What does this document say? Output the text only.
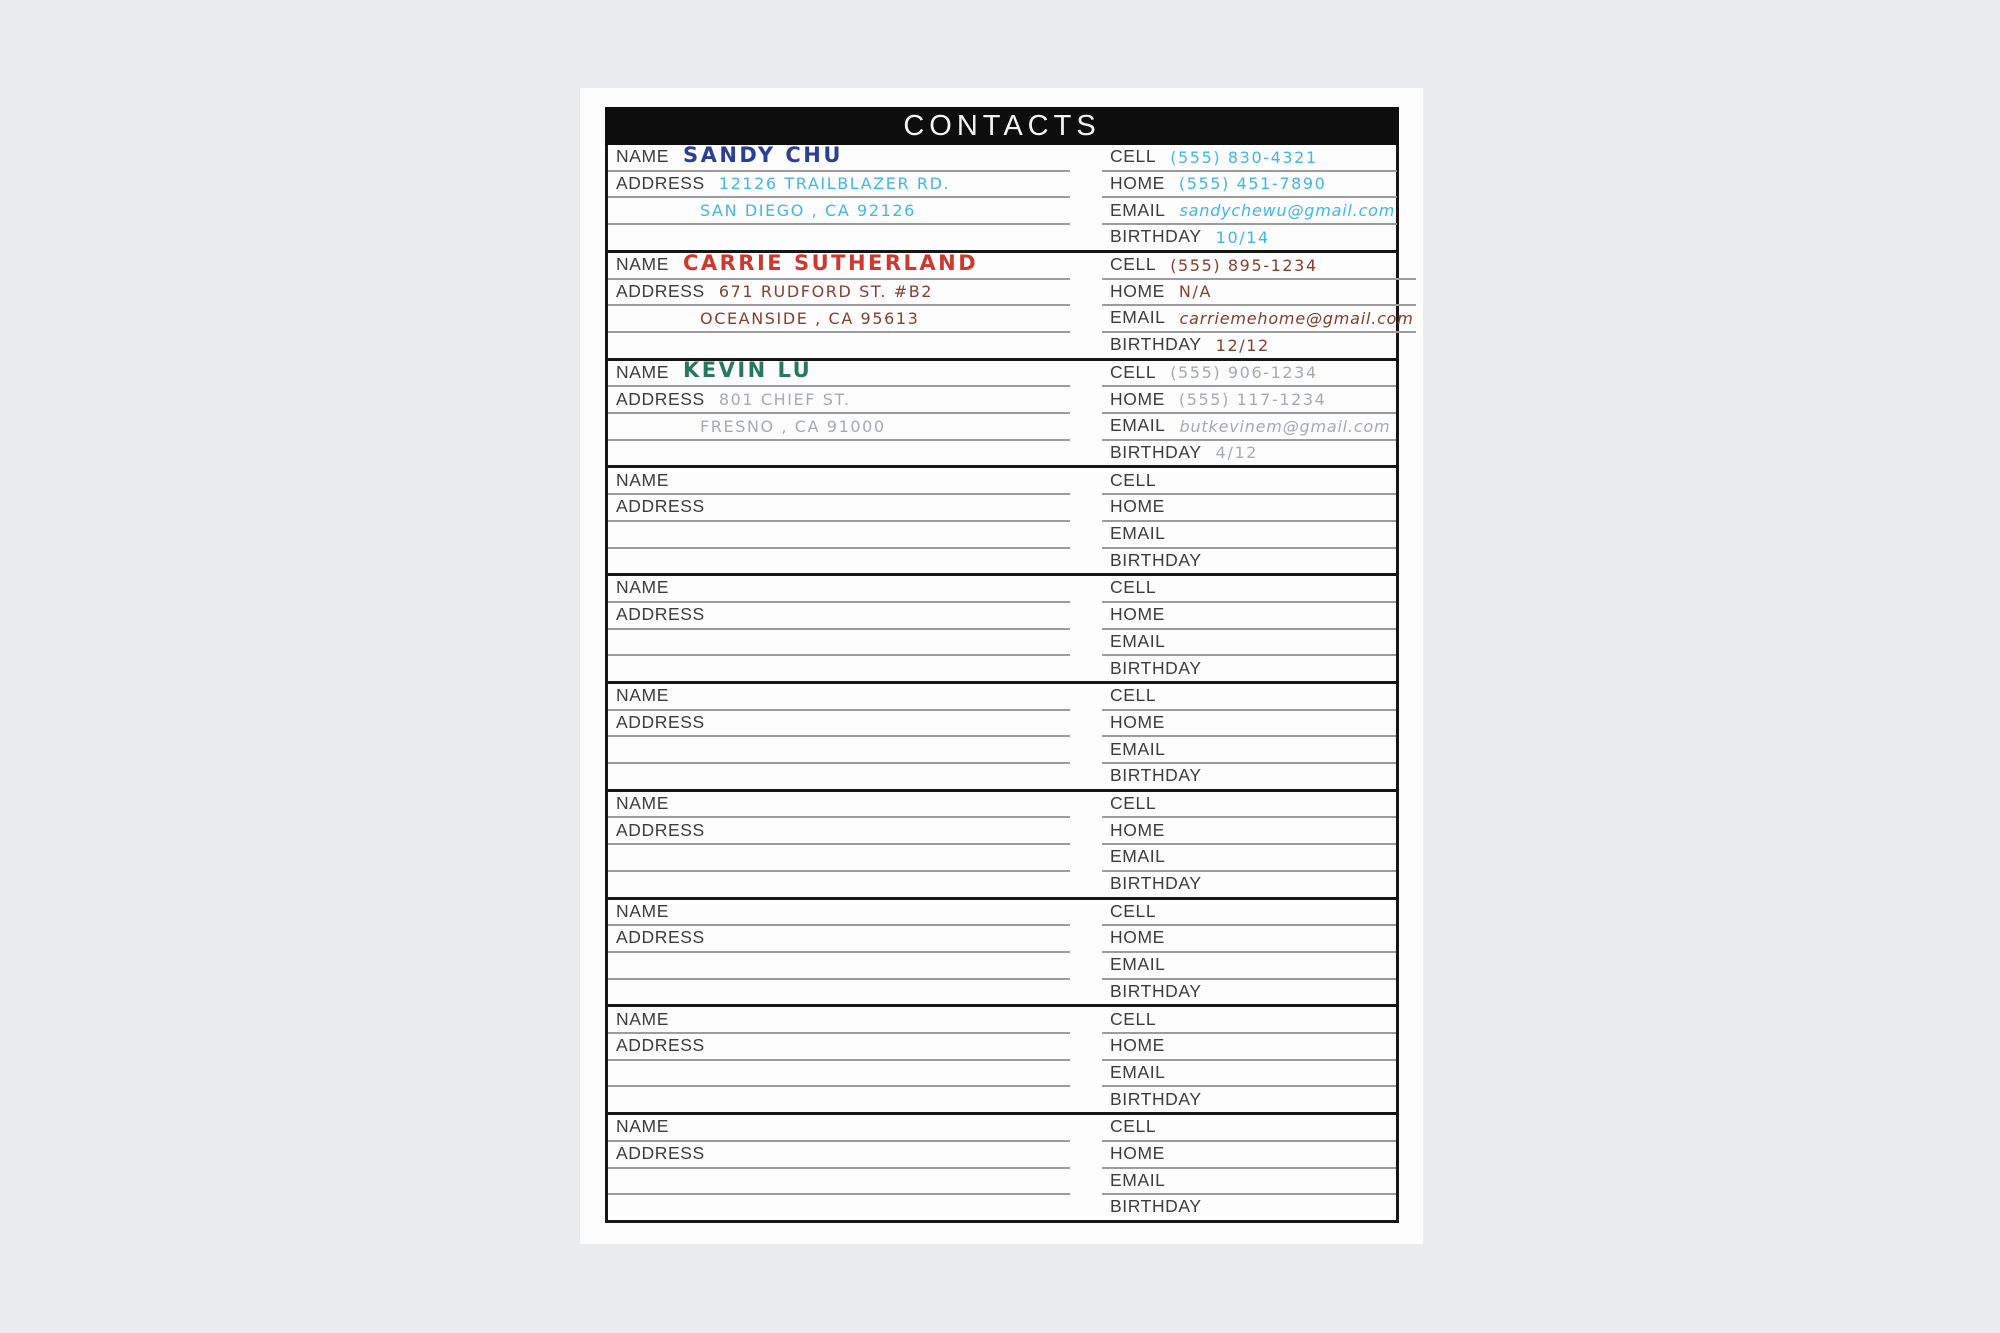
CONTACTS
NAME SANDY CHU
ADDRESS 12126 TRAILBLAZER RD.
SAN DIEGO , CA 92126
CELL (555) 830-4321
HOME (555) 451-7890
EMAIL sandychewu@gmail.com
BIRTHDAY 10/14
NAME CARRIE SUTHERLAND
ADDRESS 671 RUDFORD ST. #B2
OCEANSIDE , CA 95613
CELL (555) 895-1234
HOME N/A
EMAIL carriemehome@gmail.com
BIRTHDAY 12/12
NAME KEVIN LU
ADDRESS 801 CHIEF ST.
FRESNO , CA 91000
CELL (555) 906-1234
HOME (555) 117-1234
EMAIL butkevinem@gmail.com
BIRTHDAY 4/12
NAME
ADDRESS
CELL
HOME
EMAIL
BIRTHDAY
NAME
ADDRESS
CELL
HOME
EMAIL
BIRTHDAY
NAME
ADDRESS
CELL
HOME
EMAIL
BIRTHDAY
NAME
ADDRESS
CELL
HOME
EMAIL
BIRTHDAY
NAME
ADDRESS
CELL
HOME
EMAIL
BIRTHDAY
NAME
ADDRESS
CELL
HOME
EMAIL
BIRTHDAY
NAME
ADDRESS
CELL
HOME
EMAIL
BIRTHDAY
